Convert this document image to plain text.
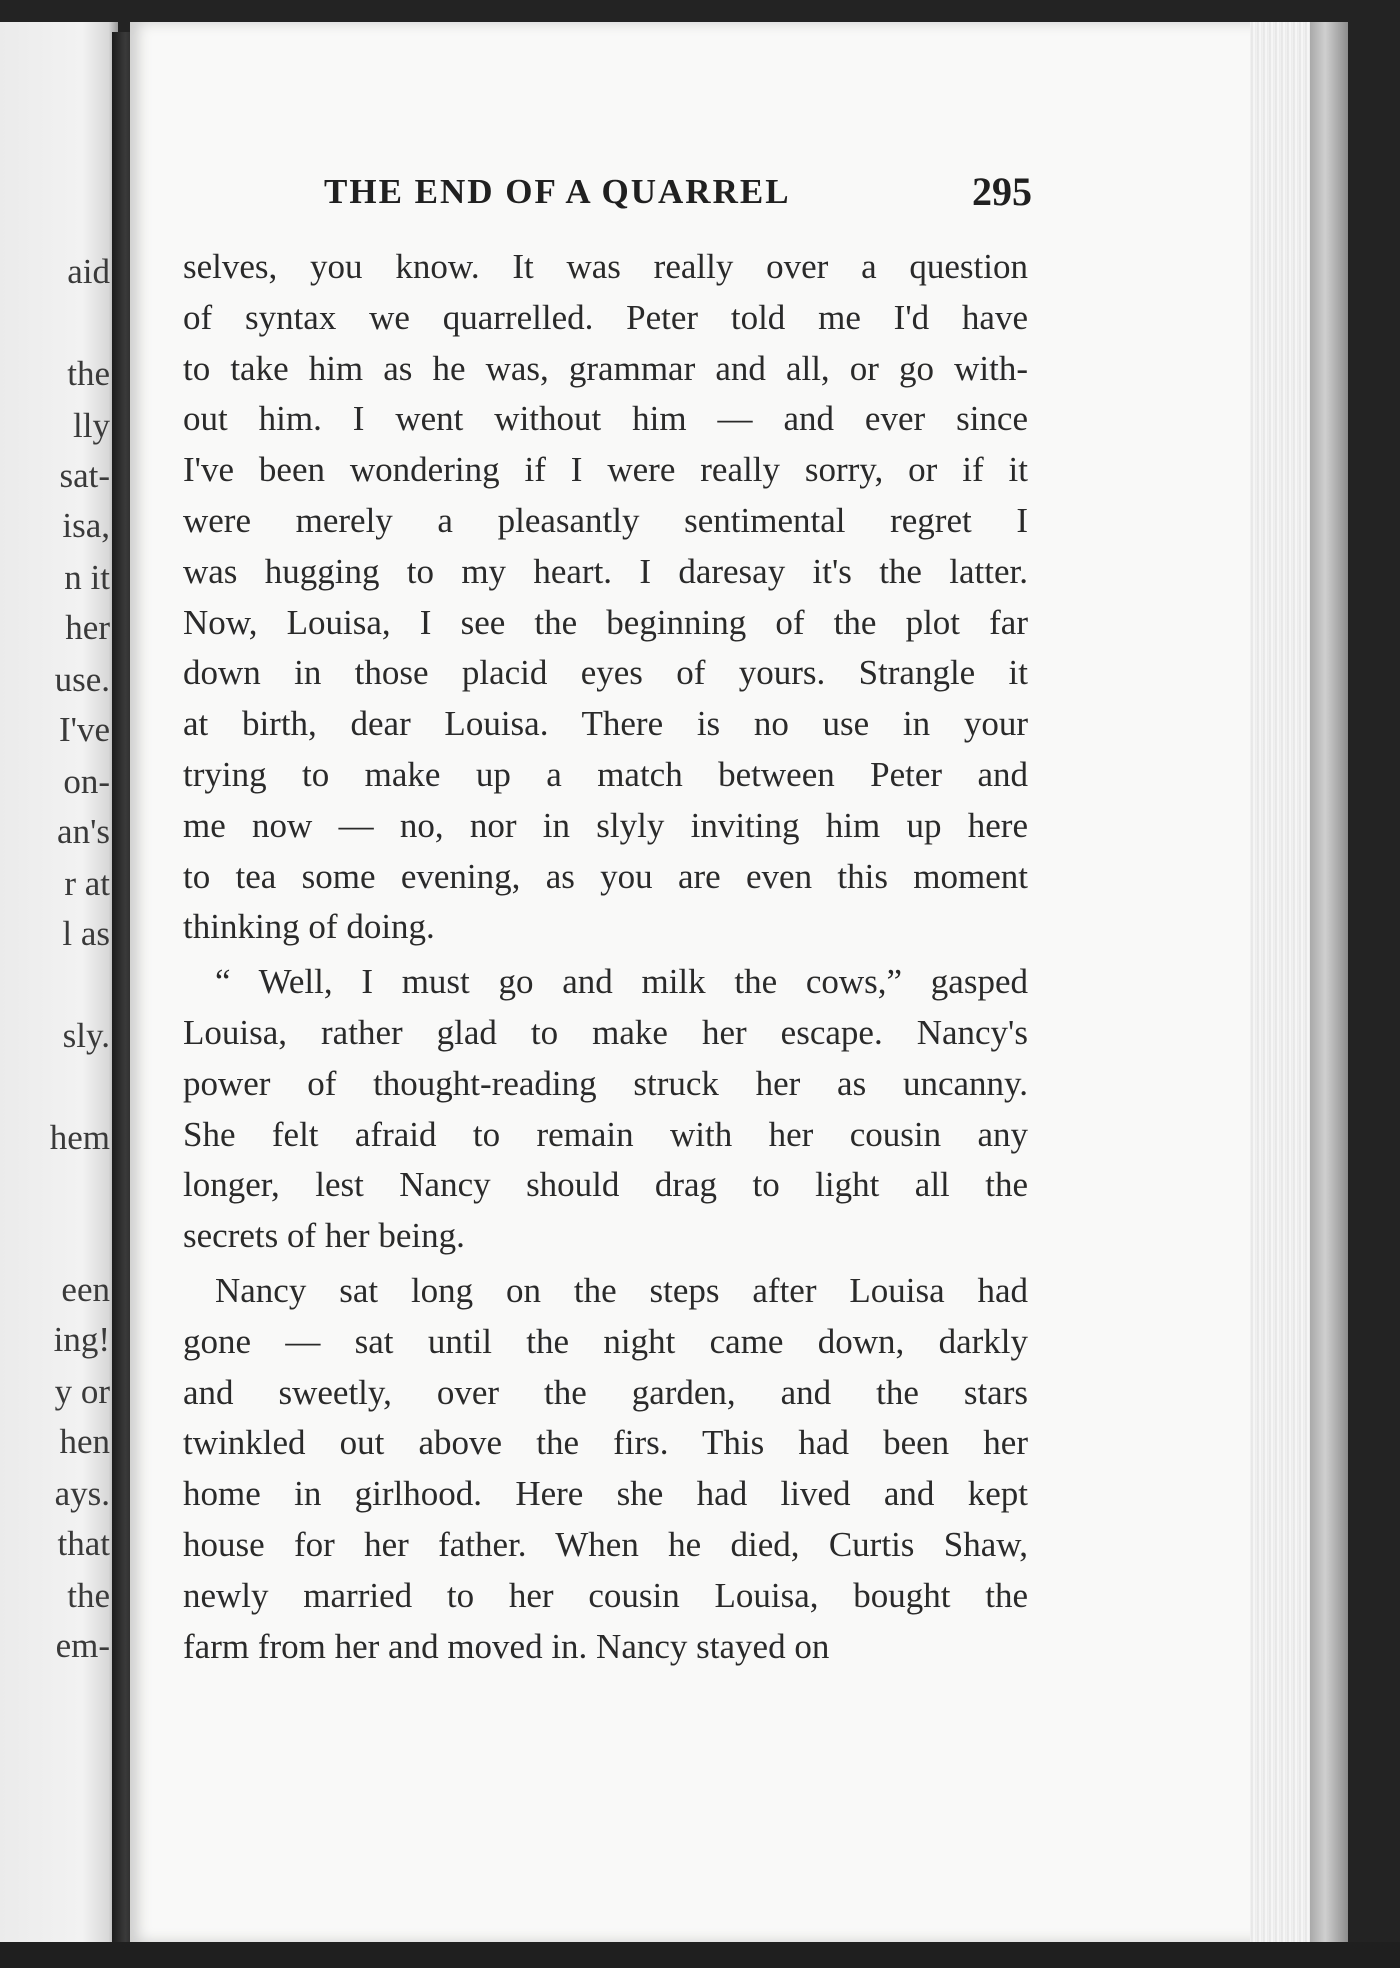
aid
the
lly
sat-
isa,
n it
her
use.
I've
on-
an's
r at
l as
sly.
hem
een
ing!
y or
hen
ays.
that
the
em-
THE END OF A QUARREL	295
selves, you know. It was really over a question
of syntax we quarrelled. Peter told me I'd have
to take him as he was, grammar and all, or go with-
out him. I went without him — and ever since
I've been wondering if I were really sorry, or if it
were merely a pleasantly sentimental regret I
was hugging to my heart. I daresay it's the latter.
Now, Louisa, I see the beginning of the plot far
down in those placid eyes of yours. Strangle it
at birth, dear Louisa. There is no use in your
trying to make up a match between Peter and
me now — no, nor in slyly inviting him up here
to tea some evening, as you are even this moment
thinking of doing.
“ Well, I must go and milk the cows,” gasped
Louisa, rather glad to make her escape. Nancy's
power of thought-reading struck her as uncanny.
She felt afraid to remain with her cousin any
longer, lest Nancy should drag to light all the
secrets of her being.
Nancy sat long on the steps after Louisa had
gone — sat until the night came down, darkly
and sweetly, over the garden, and the stars
twinkled out above the firs. This had been her
home in girlhood. Here she had lived and kept
house for her father. When he died, Curtis Shaw,
newly married to her cousin Louisa, bought the
farm from her and moved in. Nancy stayed on
